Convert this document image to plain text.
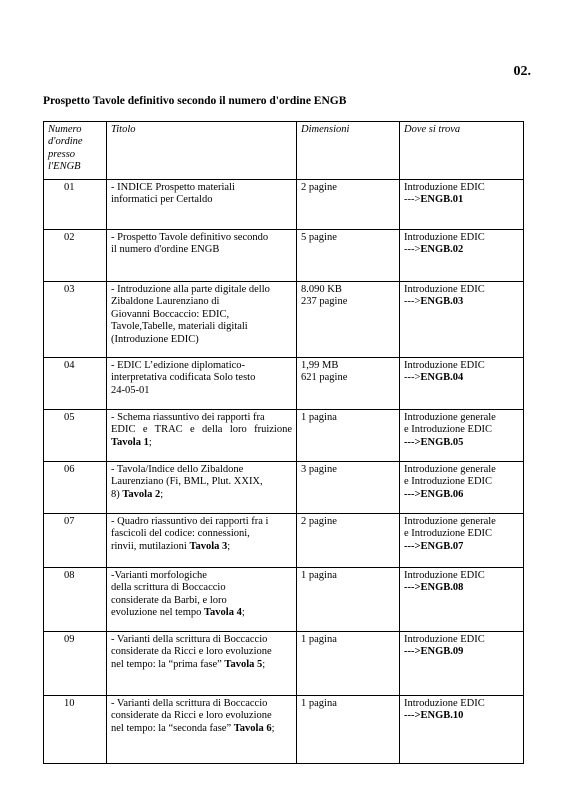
02.
Prospetto Tavole definitivo secondo il numero d'ordine ENGB
Numero
d'ordine
presso
l'ENGB	Titolo	Dimensioni	Dove si trova
01	- INDICE Prospetto materiali
informatici per Certaldo	2 pagine	Introduzione EDIC
--->ENGB.01

02	- Prospetto Tavole definitivo secondo
il numero d'ordine ENGB	5 pagine	Introduzione EDIC
--->ENGB.02

03	- Introduzione alla parte digitale dello
Zibaldone Laurenziano di
Giovanni Boccaccio: EDIC,
Tavole,Tabelle, materiali digitali
(Introduzione EDIC)	8.090 KB
237 pagine	Introduzione EDIC
--->ENGB.03

04	- EDIC L’edizione diplomatico-
interpretativa codificata Solo testo
24-05-01	1,99 MB
621 pagine	Introduzione EDIC
--->ENGB.04

05	- Schema riassuntivo dei rapporti fra
EDIC e TRAC e della loro fruizione Tavola 1;	1 pagina	Introduzione generale
e Introduzione EDIC
--->ENGB.05

06	- Tavola/Indice dello Zibaldone
Laurenziano (Fi, BML, Plut. XXIX,
8) Tavola 2;	3 pagine	Introduzione generale
e Introduzione EDIC
--->ENGB.06

07	- Quadro riassuntivo dei rapporti fra i
fascicoli del codice: connessioni,
rinvii, mutilazioni Tavola 3;	2 pagine	Introduzione generale
e Introduzione EDIC
--->ENGB.07

08	-Varianti morfologiche
della scrittura di Boccaccio
considerate da Barbi, e loro
evoluzione nel tempo Tavola 4;	1 pagina	Introduzione EDIC
--->ENGB.08

09	- Varianti della scrittura di Boccaccio
considerate da Ricci e loro evoluzione
nel tempo: la “prima fase” Tavola 5;	1 pagina	Introduzione EDIC
--->ENGB.09

10	- Varianti della scrittura di Boccaccio
considerate da Ricci e loro evoluzione
nel tempo: la “seconda fase” Tavola 6;	1 pagina	Introduzione EDIC
--->ENGB.10
